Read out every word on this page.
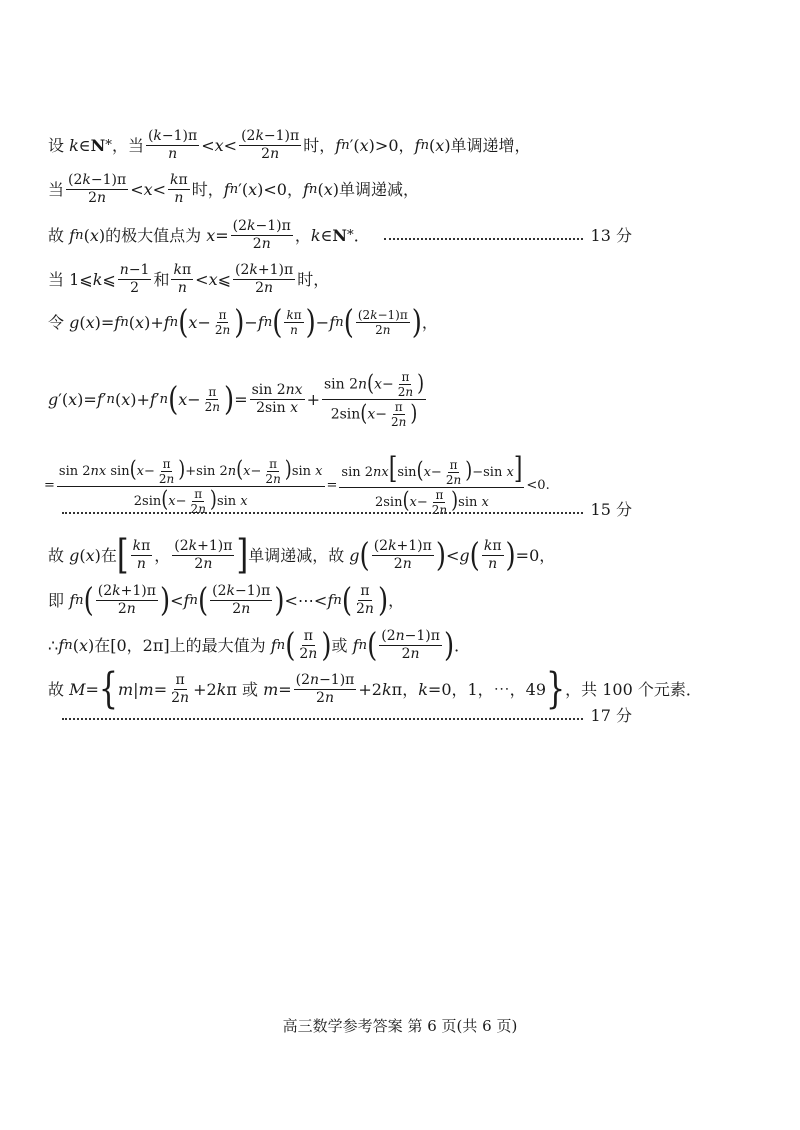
设 k ∈ N * ，当 $\frac{(k-1)\pi}{n} < x < \frac{(2k-1)\pi}{2n}$ 时， f n ′( x )>0， f n ( x )单调递增，
当 $\frac{(2k-1)\pi}{2n} < x < \frac{k\pi}{n}$ 时， f n ′( x )<0， f n ( x )单调递减，
故 f n ( x )的极大值点为 $x = \frac{(2k-1)\pi}{2n}$ ， k ∈ N * ．	13 分
当 1⩽ k ⩽ $\frac{n-1}{2}$ 和 $\frac{k\pi}{n} < x$ ⩽ $\frac{(2k+1)\pi}{2n}$ 时，
令 g ( x )= f n ( x )+ f n ( $x - \frac{\pi}{2n}$ ) − f n ( $\frac{k\pi}{n}$ ) − f n ( $\frac{(2k-1)\pi}{2n}$ ) ，
g ′( x )= f ′ n ( x )+ f ′ n ( $x - \frac{\pi}{2n}$ ) = $\frac{\sin 2nx}{\text{2sin x}} + \frac{\sin 2n(x- \frac{\pi}{2n} )}{2\sin(x- \frac{\pi}{2n} )}$
= $\frac{\sin 2nx \sin(x- \frac{\pi}{2n} )+\sin 2n(x- \frac{\pi}{2n} )\sin x}{2\sin(x- \frac{\pi}{2n} )\sin x} = \frac{\sin 2nx[\sin(x- \frac{\pi}{2n} )-\sin x]}{2\sin(x- \frac{\pi}{2n} )\sin x} <0$.
15 分
故 g ( x )在 [ $\frac{k\pi}{n}$ ， $\frac{(2k+1)\pi}{2n}$ ] 单调递减，故 g ( $\frac{(2k+1)\pi}{2n}$ ) < g ( $\frac{k\pi}{n}$ ) =0，
即 f n ( $\frac{(2k+1)\pi}{2n}$ ) < f n ( $\frac{(2k-1)\pi}{2n}$ ) <⋯< f n ( $\frac{\pi}{2n}$ ) ，
∴ f n ( x )在[0，2π]上的最大值为 f n ( $\frac{\pi}{2n}$ ) 或 f n ( $\frac{(2n-1)\pi}{2n}$ ) ．
故 M = { m | $m = \frac{\pi}{2n} +2$ k π 或 $m = \frac{(2n-1)\pi}{2n} +2$ k π， k =0，1，⋯，49 } ，共 100 个元素．
17 分
高三数学参考答案 第 6 页(共 6 页)
